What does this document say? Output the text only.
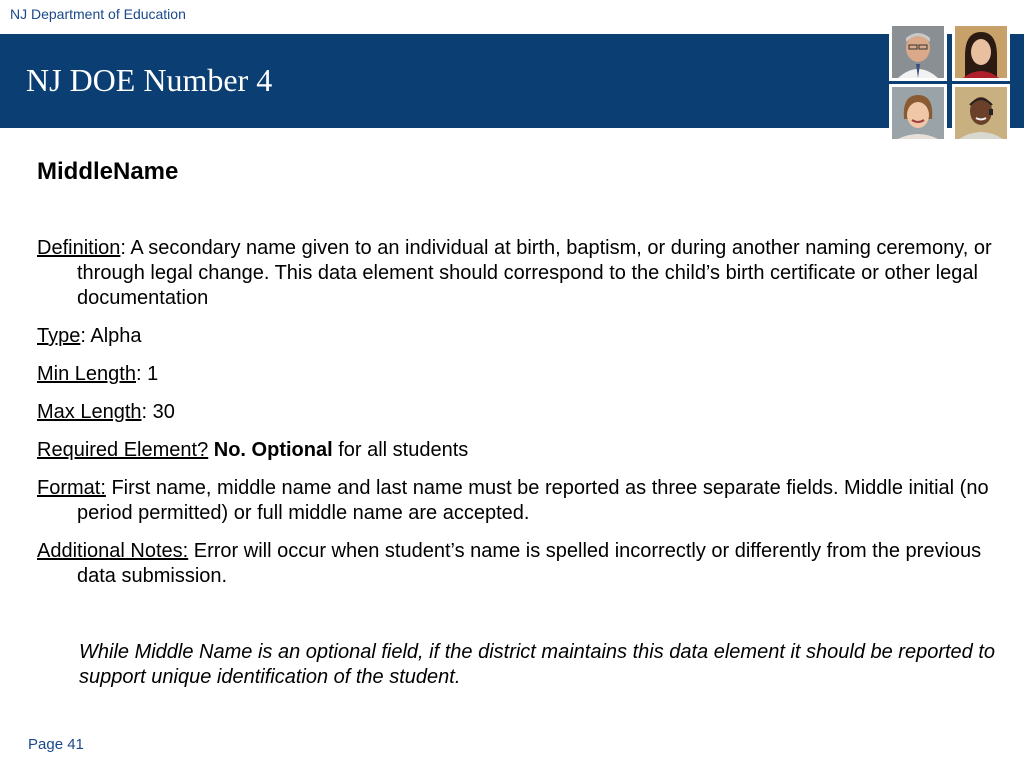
NJ Department of Education
NJ DOE Number 4
MiddleName

Definition: A secondary name given to an individual at birth, baptism, or during another naming ceremony, or through legal change. This data element should correspond to the child’s birth certificate or other legal documentation

Type: Alpha

Min Length: 1

Max Length: 30

Required Element? No. Optional for all students

Format: First name, middle name and last name must be reported as three separate fields. Middle initial (no period permitted) or full middle name are accepted.

Additional Notes: Error will occur when student’s name is spelled incorrectly or differently from the previous data submission.

While Middle Name is an optional field, if the district maintains this data element it should be reported to support unique identification of the student.
Page 41
